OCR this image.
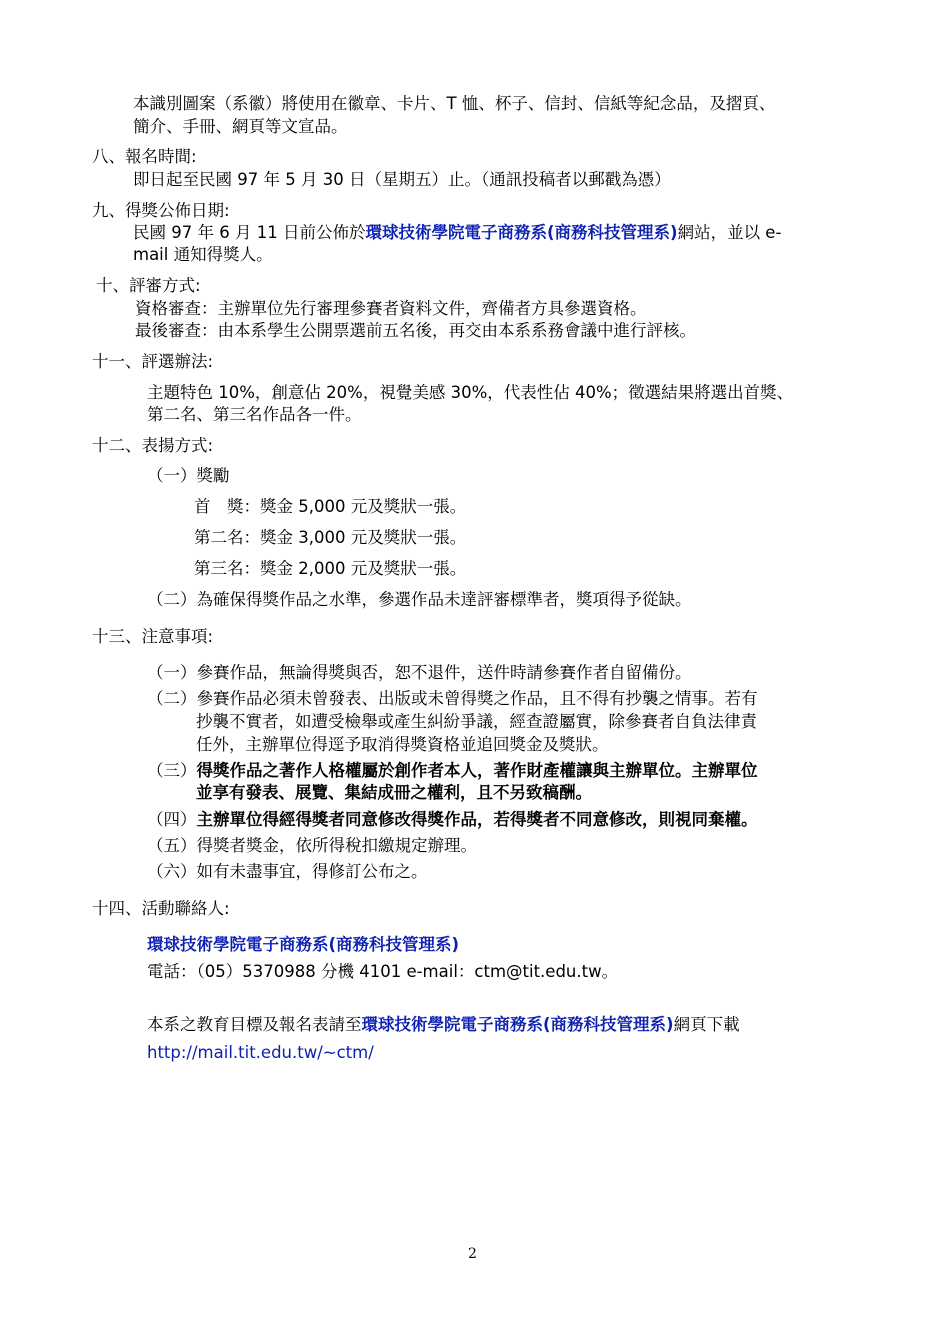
本識別圖案（系徽）將使用在徽章、卡片、T 恤、杯子、信封、信紙等紀念品，及摺頁、
簡介、手冊、網頁等文宣品。
八、報名時間:
即日起至民國 97 年 5 月 30 日（星期五）止。（通訊投稿者以郵戳為憑）
九、得獎公佈日期:
民國 97 年 6 月 11 日前公佈於環球技術學院電子商務系(商務科技管理系)網站，並以 e-
mail 通知得獎人。
十、評審方式:
資格審查：主辦單位先行審理參賽者資料文件，齊備者方具參選資格。
最後審查：由本系學生公開票選前五名後，再交由本系系務會議中進行評核。
十一、評選辦法:
主題特色 10%，創意佔 20%，視覺美感 30%，代表性佔 40%；徵選結果將選出首獎、
第二名、第三名作品各一件。
十二、表揚方式:
（一）獎勵
首　獎：獎金 5,000 元及獎狀一張。
第二名：獎金 3,000 元及獎狀一張。
第三名：獎金 2,000 元及獎狀一張。
（二）為確保得獎作品之水準，參選作品未達評審標準者，獎項得予從缺。
十三、注意事項:
（一）參賽作品，無論得獎與否，恕不退件，送件時請參賽作者自留備份。
（二）參賽作品必須未曾發表、出版或未曾得獎之作品，且不得有抄襲之情事。若有
抄襲不實者，如遭受檢舉或產生糾紛爭議，經查證屬實，除參賽者自負法律責
任外，主辦單位得逕予取消得獎資格並追回獎金及獎狀。
（三）得獎作品之著作人格權屬於創作者本人，著作財產權讓與主辦單位。主辦單位
並享有發表、展覽、集結成冊之權利，且不另致稿酬。
（四）主辦單位得經得獎者同意修改得獎作品，若得獎者不同意修改，則視同棄權。
（五）得獎者獎金，依所得稅扣繳規定辦理。
（六）如有未盡事宜，得修訂公布之。
十四、活動聯絡人:
環球技術學院電子商務系(商務科技管理系)
電話：（05）5370988 分機 4101 e-mail：ctm@tit.edu.tw。
本系之教育目標及報名表請至環球技術學院電子商務系(商務科技管理系)網頁下載
http://mail.tit.edu.tw/~ctm/
2
